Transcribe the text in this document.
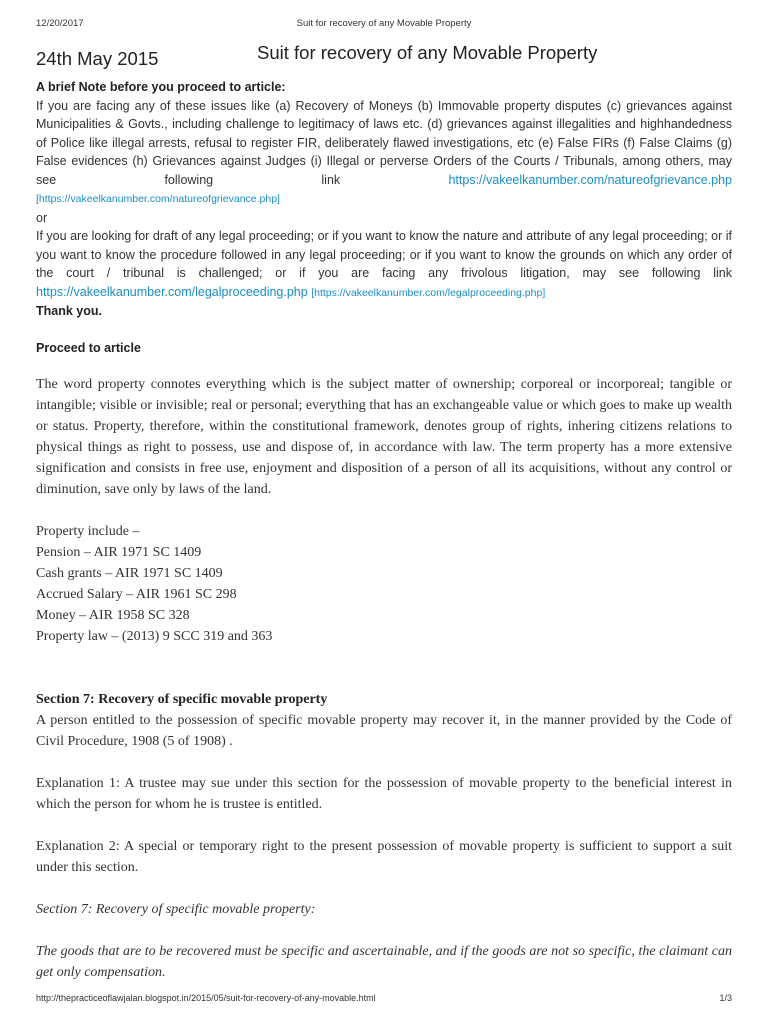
12/20/2017	Suit for recovery of any Movable Property
24th May 2015	Suit for recovery of any Movable Property

A brief Note before you proceed to article:

If you are facing any of these issues like (a) Recovery of Moneys (b) Immovable property disputes (c) grievances against Municipalities & Govts., including challenge to legitimacy of laws etc. (d) grievances against illegalities and highhandedness of Police like illegal arrests, refusal to register FIR, deliberately flawed investigations, etc (e) False FIRs (f) False Claims (g) False evidences (h) Grievances against Judges (i) Illegal or perverse Orders of the Courts / Tribunals, among others, may see following link	https://vakeelkanumber.com/natureofgrievance.php

[https://vakeelkanumber.com/natureofgrievance.php]

or

If you are looking for draft of any legal proceeding; or if you want to know the nature and attribute of any legal proceeding; or if you want to know the procedure followed in any legal proceeding; or if you want to know the grounds on which any order of the court / tribunal is challenged; or if you are facing any frivolous litigation, may see following link https://vakeelkanumber.com/legalproceeding.php [https://vakeelkanumber.com/legalproceeding.php]

Thank you.

Proceed to article

The word property connotes everything which is the subject matter of ownership; corporeal or incorporeal; tangible or intangible; visible or invisible; real or personal; everything that has an exchangeable value or which goes to make up wealth or status. Property, therefore, within the constitutional framework, denotes group of rights, inhering citizens relations to physical things as right to possess, use and dispose of, in accordance with law. The term property has a more extensive signification and consists in free use, enjoyment and disposition of a person of all its acquisitions, without any control or diminution, save only by laws of the land.

Property include –

Pension – AIR 1971 SC 1409

Cash grants – AIR 1971 SC 1409

Accrued Salary – AIR 1961 SC 298

Money – AIR 1958 SC 328

Property law – (2013) 9 SCC 319 and 363

Section 7: Recovery of specific movable property

A person entitled to the possession of specific movable property may recover it, in the manner provided by the Code of Civil Procedure, 1908 (5 of 1908) .

Explanation 1: A trustee may sue under this section for the possession of movable property to the beneficial interest in which the person for whom he is trustee is entitled.

Explanation 2: A special or temporary right to the present possession of movable property is sufficient to support a suit under this section.

Section 7: Recovery of specific movable property:

The goods that are to be recovered must be specific and ascertainable, and if the goods are not so specific, the claimant can get only compensation.

http://thepracticeoflawjalan.blogspot.in/2015/05/suit-for-recovery-of-any-movable.html	1/3
